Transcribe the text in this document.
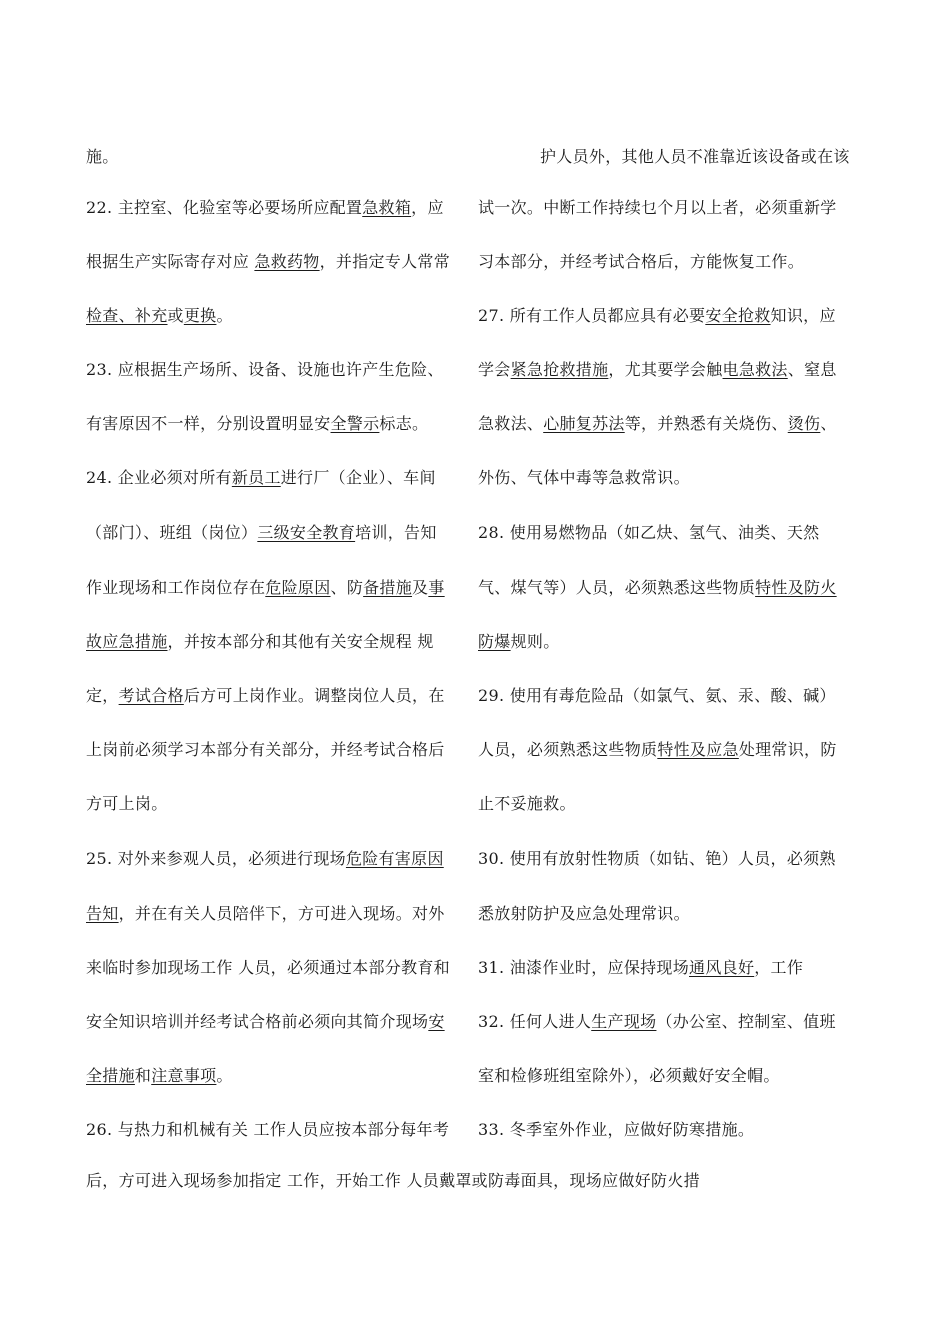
施。
22. 主控室、化验室等必要场所应配置急救箱，应
根据生产实际寄存对应 急救药物，并指定专人常常
检查、补充或更换。
23. 应根据生产场所、设备、设施也许产生危险、
有害原因不一样，分别设置明显安全警示标志。
24. 企业必须对所有新员工进行厂（企业）、车间
（部门）、班组（岗位）三级安全教育培训，告知
作业现场和工作岗位存在危险原因、防备措施及事
故应急措施，并按本部分和其他有关安全规程 规
定，考试合格后方可上岗作业。调整岗位人员，在
上岗前必须学习本部分有关部分，并经考试合格后
方可上岗。
25. 对外来参观人员，必须进行现场危险有害原因
告知，并在有关人员陪伴下，方可进入现场。对外
来临时参加现场工作 人员，必须通过本部分教育和
安全知识培训并经考试合格前必须向其简介现场安
全措施和注意事项。
26. 与热力和机械有关 工作人员应按本部分每年考
后，方可进入现场参加指定 工作，开始工作 人员戴罩或防毒面具，现场应做好防火措
护人员外，其他人员不准靠近该设备或在该
试一次。中断工作持续乜个月以上者，必须重新学
习本部分，并经考试合格后，方能恢复工作。
27. 所有工作人员都应具有必要安全抢救知识，应
学会紧急抢救措施，尤其要学会触电急救法、窒息
急救法、心肺复苏法等，并熟悉有关烧伤、烫伤、
外伤、气体中毒等急救常识。
28. 使用易燃物品（如乙炔、氢气、油类、天然
气、煤气等）人员，必须熟悉这些物质特性及防火
防爆规则。
29. 使用有毒危险品（如氯气、氨、汞、酸、碱）
人员，必须熟悉这些物质特性及应急处理常识，防
止不妥施救。
30. 使用有放射性物质（如钻、铯）人员，必须熟
悉放射防护及应急处理常识。
31. 油漆作业时，应保持现场通风良好，工作
32. 任何人进人生产现场（办公室、控制室、值班
室和检修班组室除外），必须戴好安全帽。
33. 冬季室外作业，应做好防寒措施。
